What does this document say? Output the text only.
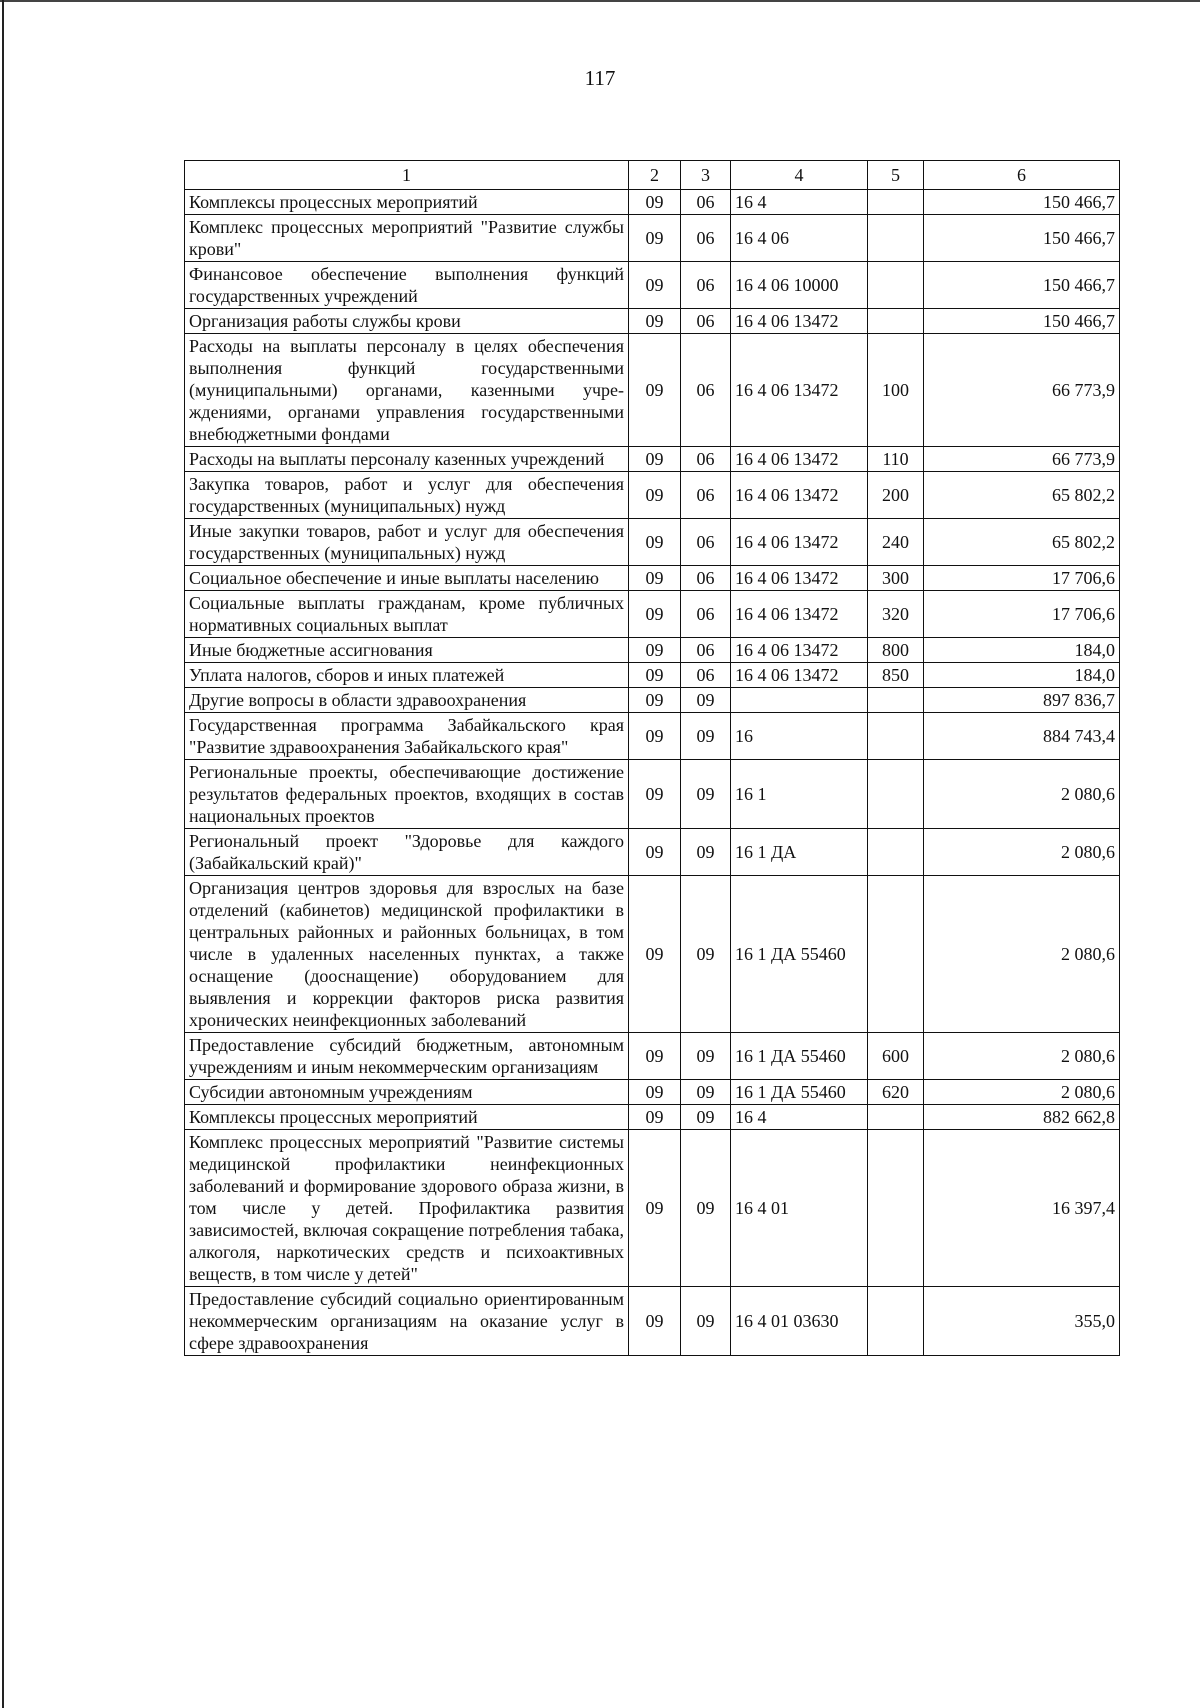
117
1	2	3	4	5	6
Комплексы процессных мероприятий	09	06	16 4		150 466,7
Комплекс процессных мероприятий "Развитие службы крови"	09	06	16 4 06		150 466,7
Финансовое обеспечение выполнения функций государственных учреждений	09	06	16 4 06 10000		150 466,7
Организация работы службы крови	09	06	16 4 06 13472		150 466,7
Расходы на выплаты персоналу в целях обеспечения выполнения функций государственными (муниципальными) органами, казенными учреждениями, органами управления государственными внебюджетными фондами	09	06	16 4 06 13472	100	66 773,9
Расходы на выплаты персоналу казенных учреждений	09	06	16 4 06 13472	110	66 773,9
Закупка товаров, работ и услуг для обеспечения государственных (муниципальных) нужд	09	06	16 4 06 13472	200	65 802,2
Иные закупки товаров, работ и услуг для обеспечения государственных (муниципальных) нужд	09	06	16 4 06 13472	240	65 802,2
Социальное обеспечение и иные выплаты населению	09	06	16 4 06 13472	300	17 706,6
Социальные выплаты гражданам, кроме публичных нормативных социальных выплат	09	06	16 4 06 13472	320	17 706,6
Иные бюджетные ассигнования	09	06	16 4 06 13472	800	184,0
Уплата налогов, сборов и иных платежей	09	06	16 4 06 13472	850	184,0
Другие вопросы в области здравоохранения	09	09			897 836,7
Государственная программа Забайкальского края "Развитие здравоохранения Забайкальского края"	09	09	16		884 743,4
Региональные проекты, обеспечивающие достижение результатов федеральных проектов, входящих в состав национальных проектов	09	09	16 1		2 080,6
Региональный проект "Здоровье для каждого (Забайкальский край)"	09	09	16 1 ДА		2 080,6
Организация центров здоровья для взрослых на базе отделений (кабинетов) медицинской профилактики в центральных районных и районных больницах, в том числе в удаленных населенных пунктах, а также оснащение (дооснащение) оборудованием для выявления и коррекции факторов риска развития хронических неинфекционных заболеваний	09	09	16 1 ДА 55460		2 080,6
Предоставление субсидий бюджетным, автономным учреждениям и иным некоммерческим организациям	09	09	16 1 ДА 55460	600	2 080,6
Субсидии автономным учреждениям	09	09	16 1 ДА 55460	620	2 080,6
Комплексы процессных мероприятий	09	09	16 4		882 662,8
Комплекс процессных мероприятий "Развитие системы медицинской профилактики неинфекционных заболеваний и формирование здорового образа жизни, в том числе у детей. Профилактика развития зависимостей, включая сокращение потребления табака, алкоголя, наркотических средств и психоактивных веществ, в том числе у детей"	09	09	16 4 01		16 397,4
Предоставление субсидий социально ориентированным некоммерческим организациям на оказание услуг в сфере здравоохранения	09	09	16 4 01 03630		355,0
